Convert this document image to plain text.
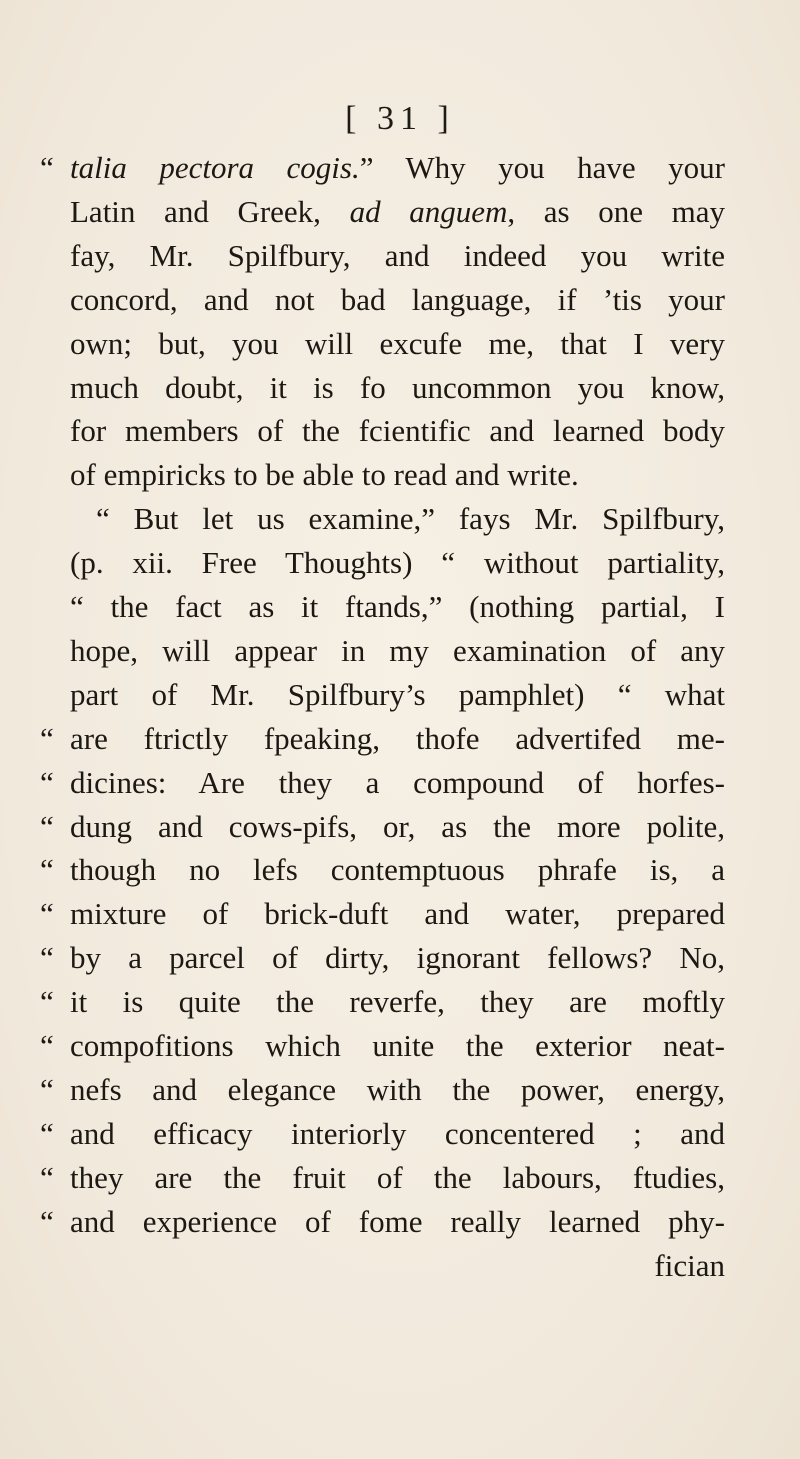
[ 31 ]
“ talia pectora cogis.” Why you have your
Latin and Greek, ad anguem, as one may
fay, Mr. Spilfbury, and indeed you write
concord, and not bad language, if ’tis your
own; but, you will excufe me, that I very
much doubt, it is fo uncommon you know,
for members of the fcientific and learned body
of empiricks to be able to read and write.
“ But let us examine,” fays Mr. Spilfbury,
(p. xii. Free Thoughts) “ without partiality,
“ the fact as it ftands,” (nothing partial, I
hope, will appear in my examination of any
part of Mr. Spilfbury’s pamphlet) “ what
“ are ftrictly fpeaking, thofe advertifed me-
“ dicines: Are they a compound of horfes-
“ dung and cows-pifs, or, as the more polite,
“ though no lefs contemptuous phrafe is, a
“ mixture of brick-duft and water, prepared
“ by a parcel of dirty, ignorant fellows? No,
“ it is quite the reverfe, they are moftly
“ compofitions which unite the exterior neat-
“ nefs and elegance with the power, energy,
“ and efficacy interiorly concentered ; and
“ they are the fruit of the labours, ftudies,
“ and experience of fome really learned phy-
fician
